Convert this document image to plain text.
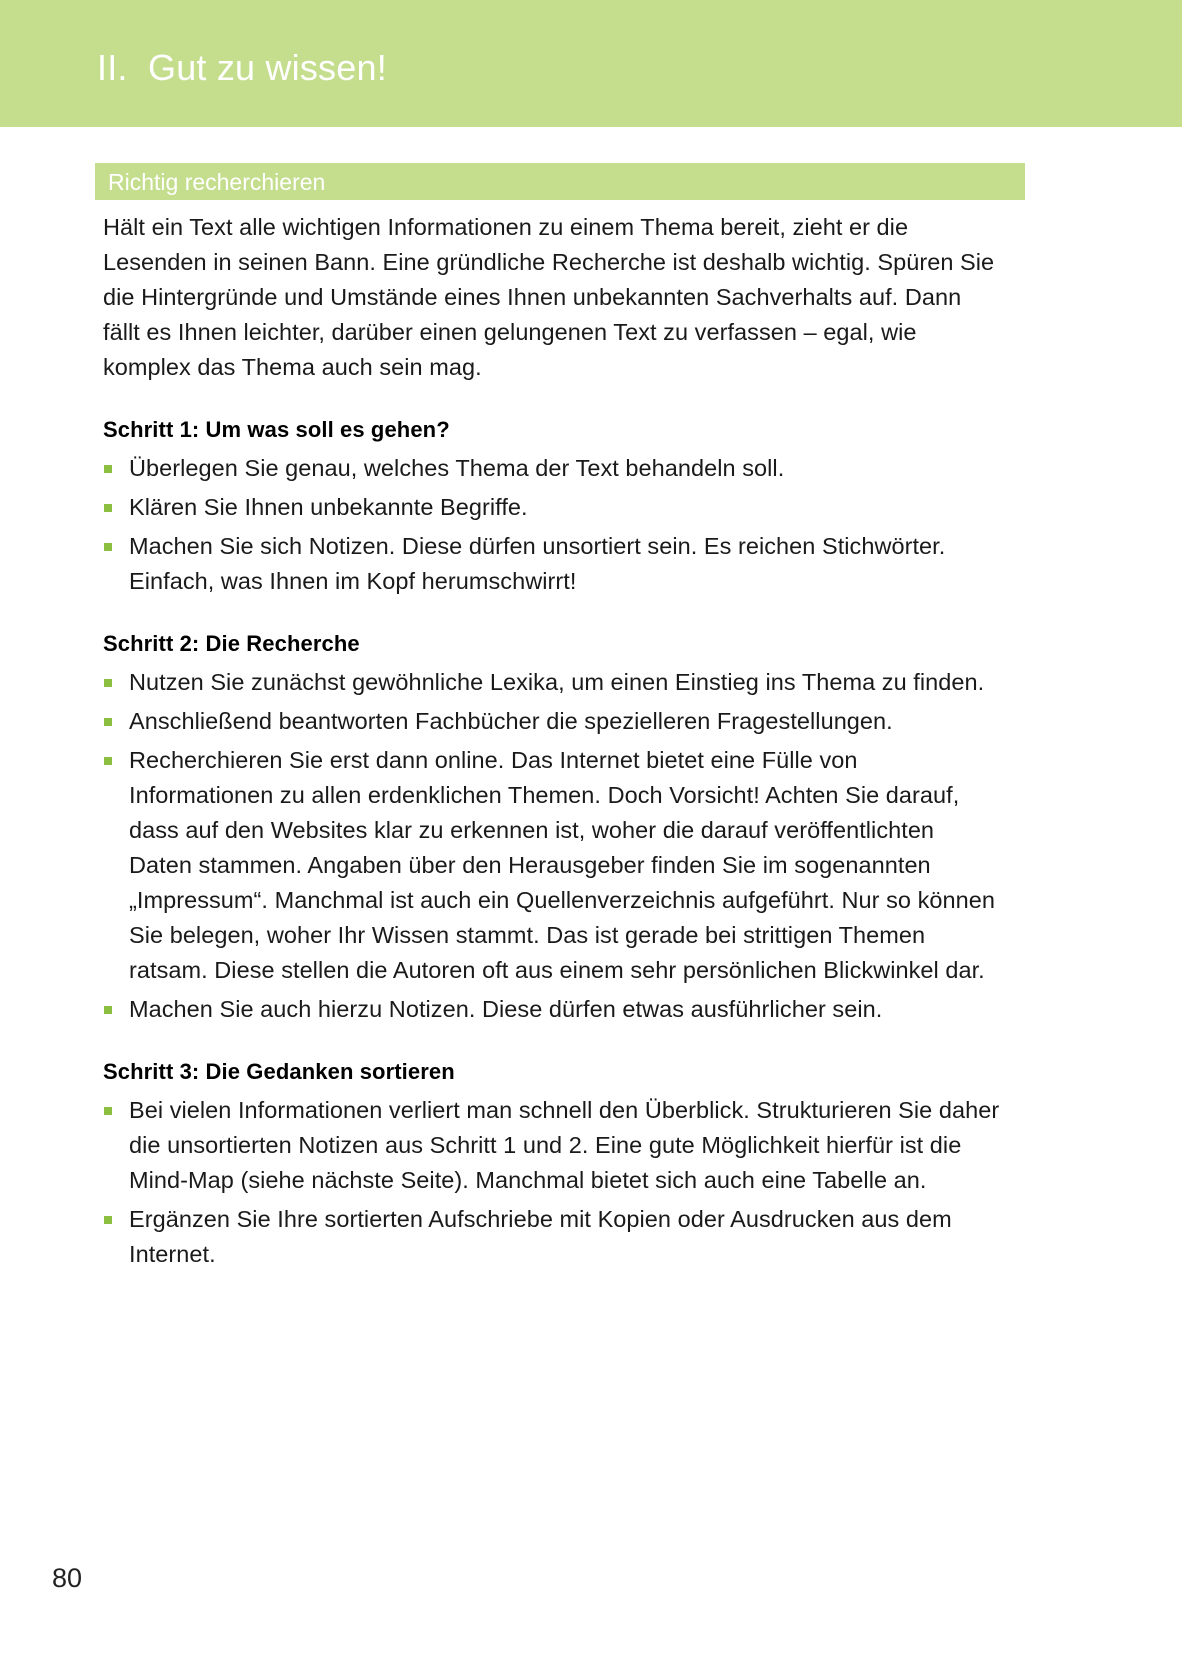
II.  Gut zu wissen!
Richtig recherchieren

Hält ein Text alle wichtigen Informationen zu einem Thema bereit, zieht er die Lesenden in seinen Bann. Eine gründliche Recherche ist deshalb wichtig. Spüren Sie die Hintergründe und Umstände eines Ihnen unbekannten Sachverhalts auf. Dann fällt es Ihnen leichter, darüber einen gelungenen Text zu verfassen – egal, wie komplex das Thema auch sein mag.

Schritt 1: Um was soll es gehen?
Überlegen Sie genau, welches Thema der Text behandeln soll.
Klären Sie Ihnen unbekannte Begriffe.
Machen Sie sich Notizen. Diese dürfen unsortiert sein. Es reichen Stichwörter. Einfach, was Ihnen im Kopf herumschwirrt!
Schritt 2: Die Recherche
Nutzen Sie zunächst gewöhnliche Lexika, um einen Einstieg ins Thema zu finden.
Anschließend beantworten Fachbücher die spezielleren Fragestellungen.
Recherchieren Sie erst dann online. Das Internet bietet eine Fülle von Informationen zu allen erdenklichen Themen. Doch Vorsicht! Achten Sie darauf, dass auf den Websites klar zu erkennen ist, woher die darauf veröffentlichten Daten stammen. Angaben über den Herausgeber finden Sie im sogenannten „Impressum“. Manchmal ist auch ein Quellenverzeichnis aufgeführt. Nur so können Sie belegen, woher Ihr Wissen stammt. Das ist gerade bei strittigen Themen ratsam. Diese stellen die Autoren oft aus einem sehr persönlichen Blickwinkel dar.
Machen Sie auch hierzu Notizen. Diese dürfen etwas ausführlicher sein.
Schritt 3: Die Gedanken sortieren
Bei vielen Informationen verliert man schnell den Überblick. Strukturieren Sie daher die unsortierten Notizen aus Schritt 1 und 2. Eine gute Möglichkeit hierfür ist die Mind-Map (siehe nächste Seite). Manchmal bietet sich auch eine Tabelle an.
Ergänzen Sie Ihre sortierten Aufschriebe mit Kopien oder Ausdrucken aus dem Internet.
80
